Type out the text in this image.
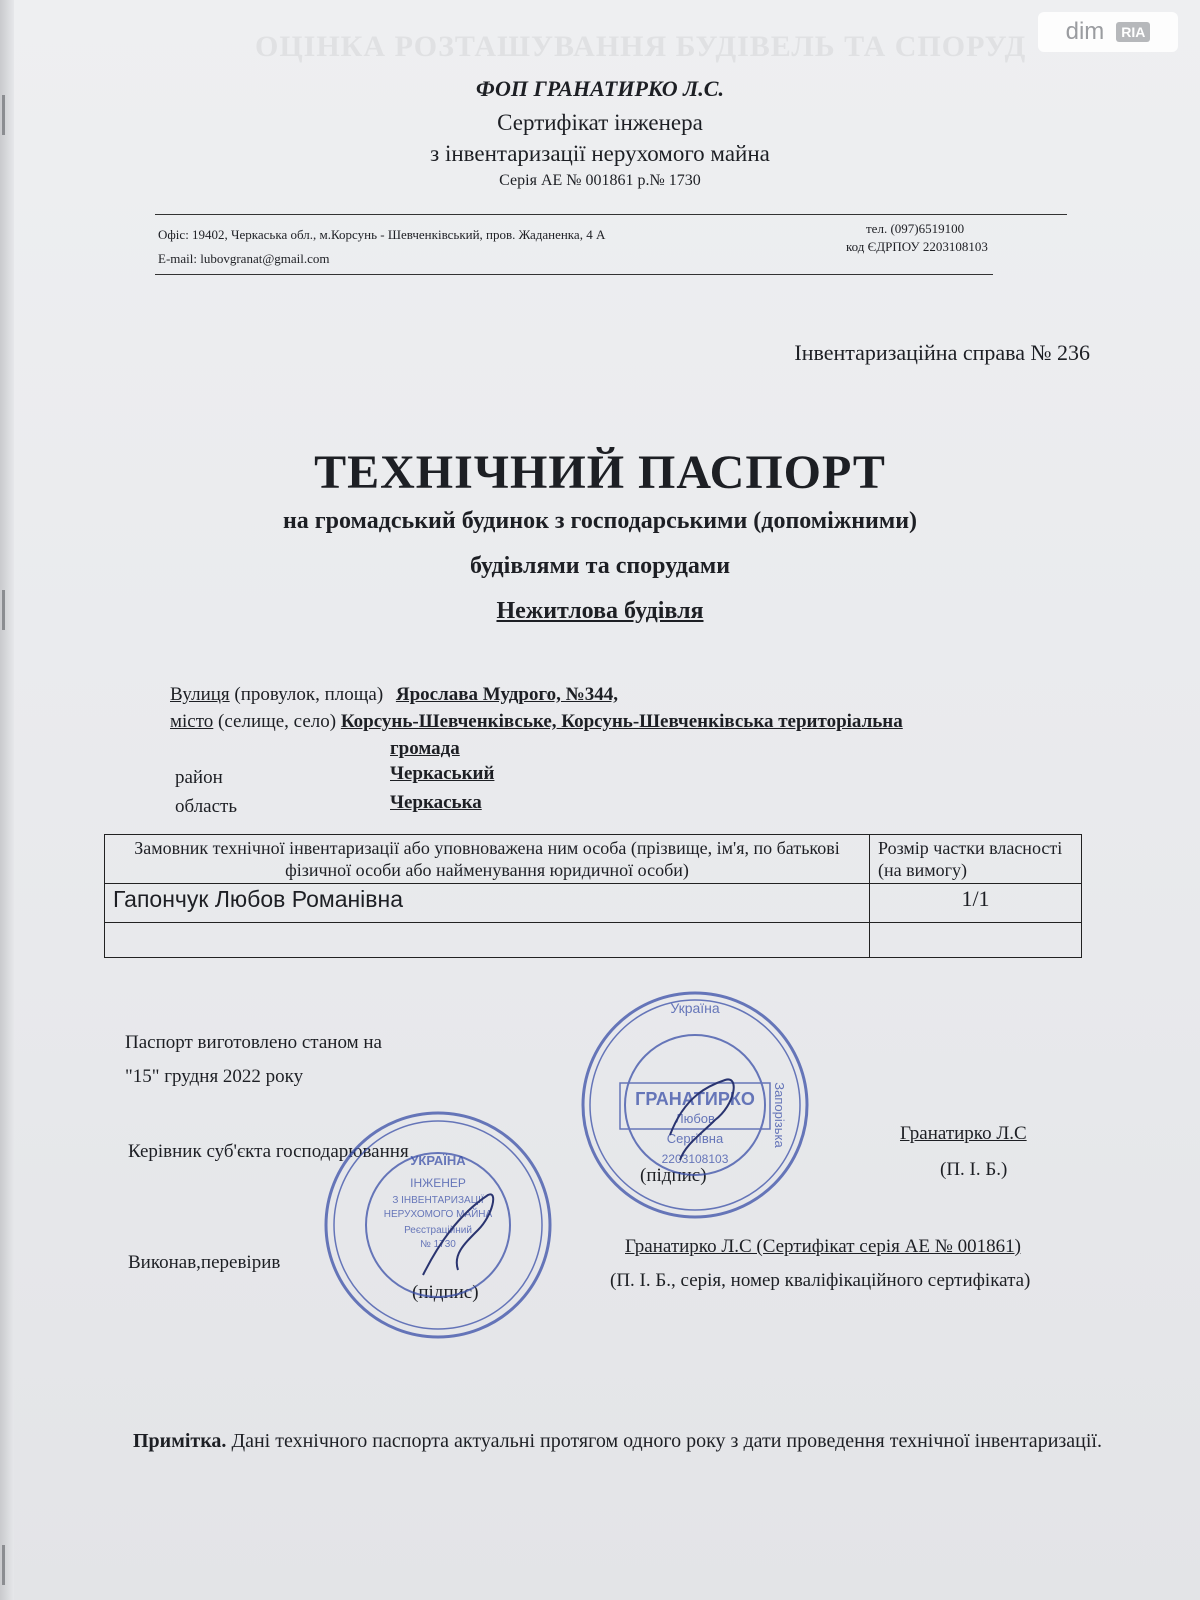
ОЦІНКА РОЗТАШУВАННЯ БУДІВЕЛЬ ТА СПОРУД dim	RIA
ФОП ГРАНАТИРКО Л.С.
Сертифікат інженера
з інвентаризації нерухомого майна
Серія АЕ № 001861 р.№ 1730
Офіс: 19402, Черкаська обл., м.Корсунь - Шевченківський, пров. Жаданенка, 4 А
E-mail: lubovgranat@gmail.com
тел. (097)6519100
код ЄДРПОУ 2203108103
Інвентаризаційна справа № 236
ТЕХНІЧНИЙ ПАСПОРТ
на громадський будинок з господарськими (допоміжними)
будівлями та спорудами
Нежитлова будівля
Вулиця (провулок, площа) Ярослава Мудрого, №344,
місто (селище, село) Корсунь-Шевченківське, Корсунь-Шевченківська територіальна
громада
район	Черкаський
область	Черкаська
Замовник технічної інвентаризації або уповноважена ним особа (прізвище, ім'я, по батькові фізичної особи або найменування юридичної особи)	Розмір частки власності (на вимогу)
Гапончук Любов Романівна	1/1

Паспорт виготовлено станом на
"15" грудня 2022 року
Керівник суб'єкта господарювання
(підпис)
Гранатирко Л.С
(П. І. Б.)
Виконав,перевірив
(підпис)
Гранатирко Л.С (Сертифікат серія АЕ № 001861)
(П. І. Б., серія, номер кваліфікаційного сертифіката)
Примітка. Дані технічного паспорта актуальні протягом одного року з дати проведення технічної інвентаризації.
Україна
ГРАНАТИРКО
Любов
Сергіївна
2203108103
Запорізька
УКРАЇНА
ІНЖЕНЕР
З ІНВЕНТАРИЗАЦІЇ
НЕРУХОМОГО МАЙНА
Реєстраційний
№ 1730
